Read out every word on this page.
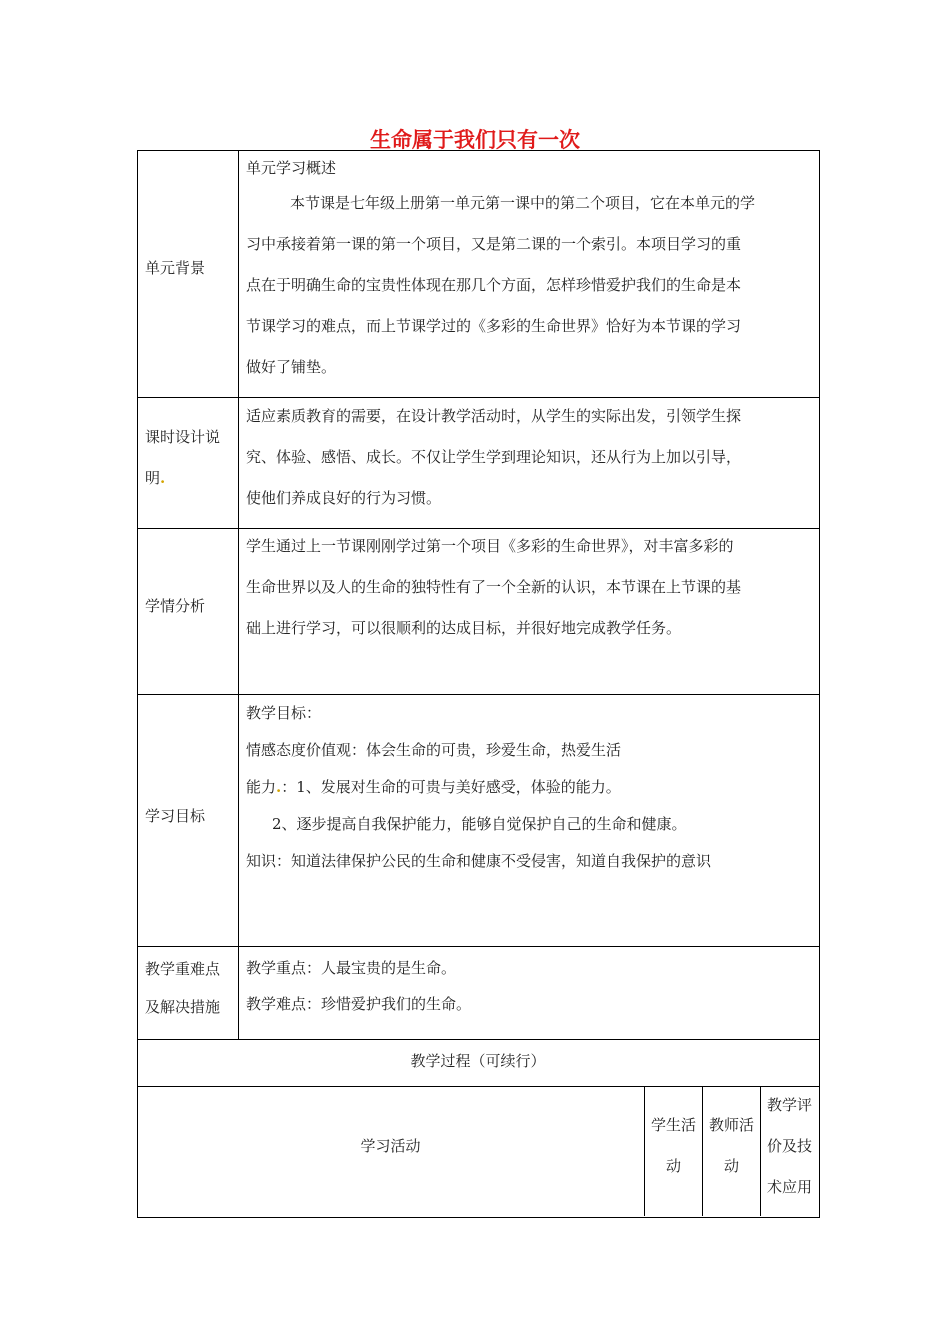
生命属于我们只有一次
单元背景
单元学习概述

本节课是七年级上册第一单元第一课中的第二个项目，它在本单元的学

习中承接着第一课的第一个项目，又是第二课的一个索引。本项目学习的重

点在于明确生命的宝贵性体现在那几个方面，怎样珍惜爱护我们的生命是本

节课学习的难点，而上节课学过的《多彩的生命世界》恰好为本节课的学习

做好了铺垫。

课时设计说

明.

适应素质教育的需要，在设计教学活动时，从学生的实际出发，引领学生探

究、体验、感悟、成长。不仅让学生学到理论知识，还从行为上加以引导，

使他们养成良好的行为习惯。

学情分析

学生通过上一节课刚刚学过第一个项目《多彩的生命世界》，对丰富多彩的

生命世界以及人的生命的独特性有了一个全新的认识，本节课在上节课的基

础上进行学习，可以很顺利的达成目标，并很好地完成教学任务。

学习目标

教学目标：

情感态度价值观：体会生命的可贵，珍爱生命，热爱生活

能力.：1、发展对生命的可贵与美好感受，体验的能力。

2、逐步提高自我保护能力，能够自觉保护自己的生命和健康。

知识：知道法律保护公民的生命和健康不受侵害，知道自我保护的意识

教学重难点

及解决措施

教学重点：人最宝贵的是生命。

教学难点：珍惜爱护我们的生命。

教学过程（可续行）
学习活动

学生活

动

教师活

动

教学评

价及技

术应用
